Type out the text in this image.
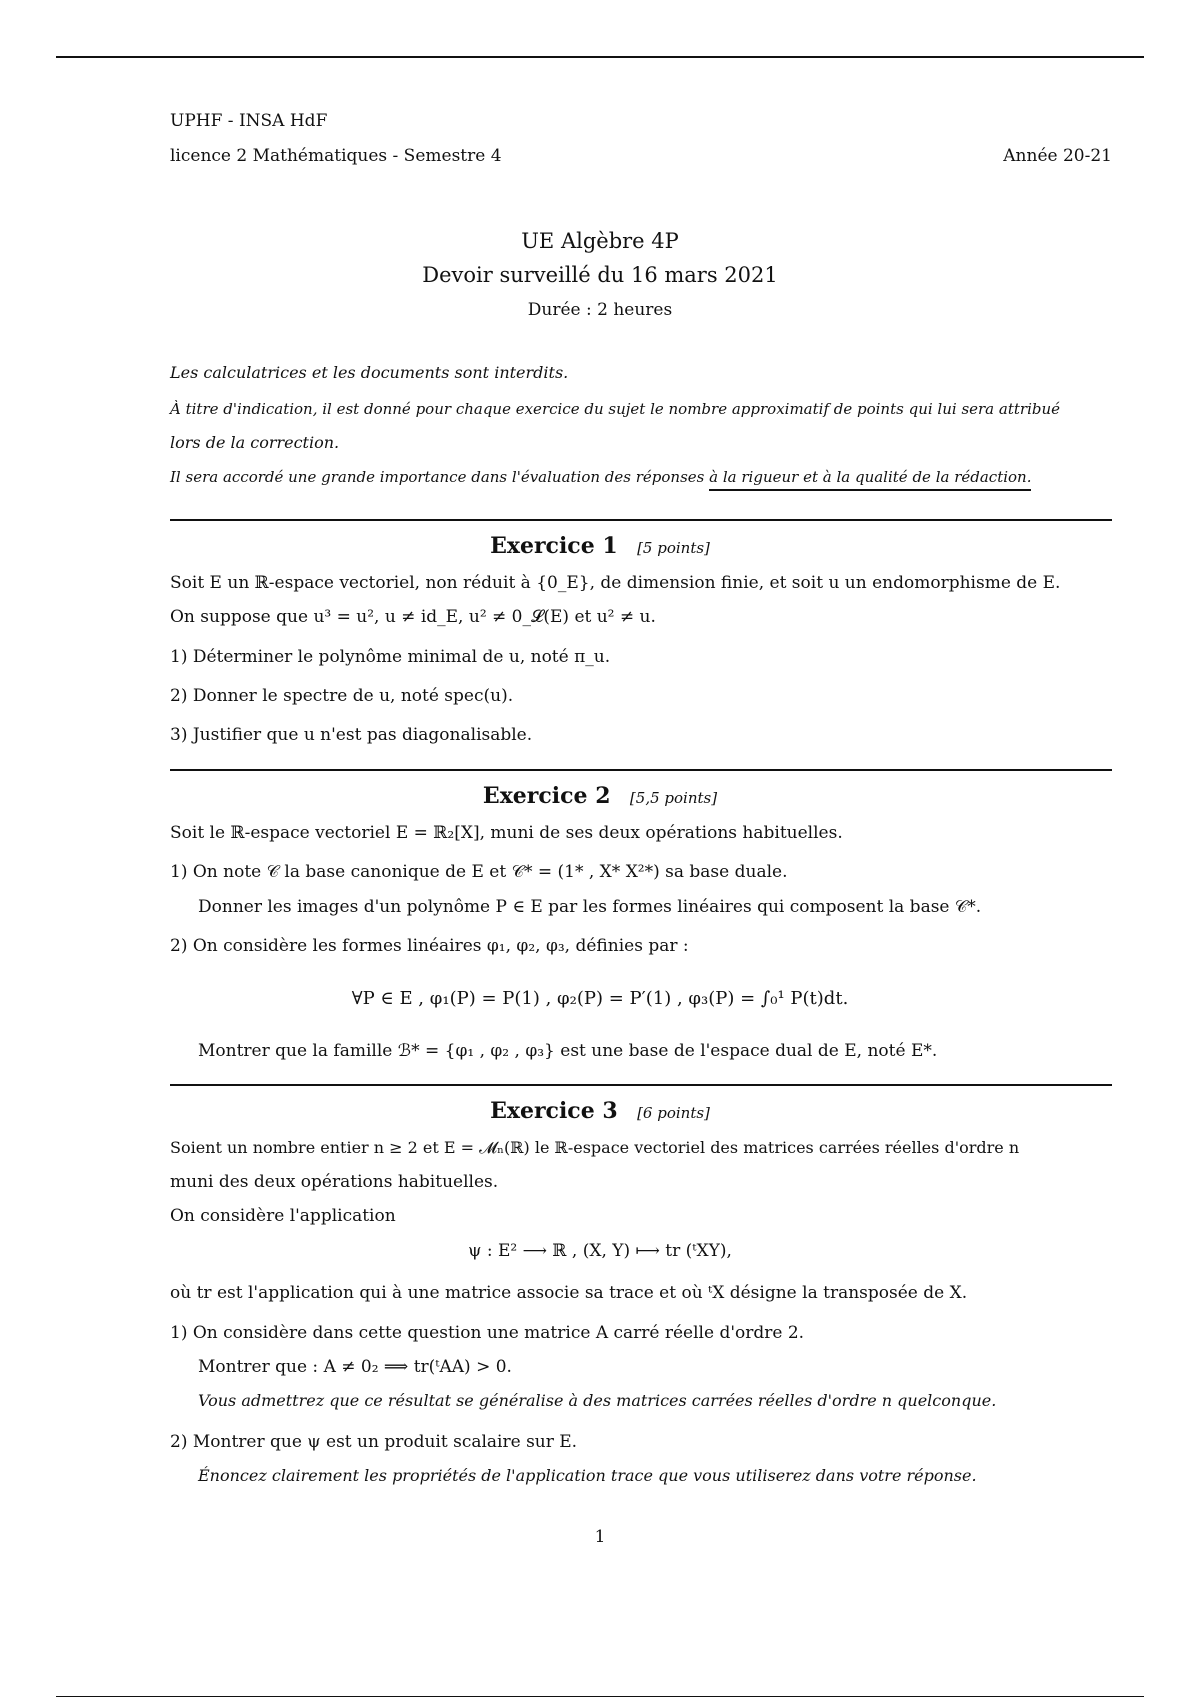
UPHF - INSA HdF
licence 2 Mathématiques - Semestre 4	Année 20-21
UE Algèbre 4P
Devoir surveillé du 16 mars 2021
Durée : 2 heures
Les calculatrices et les documents sont interdits.
À titre d'indication, il est donné pour chaque exercice du sujet le nombre approximatif de points qui lui sera attribué
lors de la correction.
Il sera accordé une grande importance dans l'évaluation des réponses à la rigueur et à la qualité de la rédaction.
Exercice 1 [5 points]
Soit E un ℝ-espace vectoriel, non réduit à {0_E}, de dimension finie, et soit u un endomorphisme de E.
On suppose que u³ = u², u ≠ id_E, u² ≠ 0_𝓛(E) et u² ≠ u.
1) Déterminer le polynôme minimal de u, noté π_u.
2) Donner le spectre de u, noté spec(u).
3) Justifier que u n'est pas diagonalisable.
Exercice 2 [5,5 points]
Soit le ℝ-espace vectoriel E = ℝ₂[X], muni de ses deux opérations habituelles.
1) On note 𝒞 la base canonique de E et 𝒞* = (1* , X* X²*) sa base duale.
Donner les images d'un polynôme P ∈ E par les formes linéaires qui composent la base 𝒞*.
2) On considère les formes linéaires φ₁, φ₂, φ₃, définies par :
∀P ∈ E , φ₁(P) = P(1) , φ₂(P) = P′(1) , φ₃(P) = ∫₀¹ P(t)dt.
Montrer que la famille ℬ* = {φ₁ , φ₂ , φ₃} est une base de l'espace dual de E, noté E*.
Exercice 3 [6 points]
Soient un nombre entier n ≥ 2 et E = 𝓜ₙ(ℝ) le ℝ-espace vectoriel des matrices carrées réelles d'ordre n
muni des deux opérations habituelles.
On considère l'application
ψ : E² ⟶ ℝ , (X, Y) ⟼ tr (ᵗXY),
où tr est l'application qui à une matrice associe sa trace et où ᵗX désigne la transposée de X.
1) On considère dans cette question une matrice A carré réelle d'ordre 2.
Montrer que : A ≠ 0₂ ⟹ tr(ᵗAA) > 0.
Vous admettrez que ce résultat se généralise à des matrices carrées réelles d'ordre n quelconque.
2) Montrer que ψ est un produit scalaire sur E.
Énoncez clairement les propriétés de l'application trace que vous utiliserez dans votre réponse.
1
